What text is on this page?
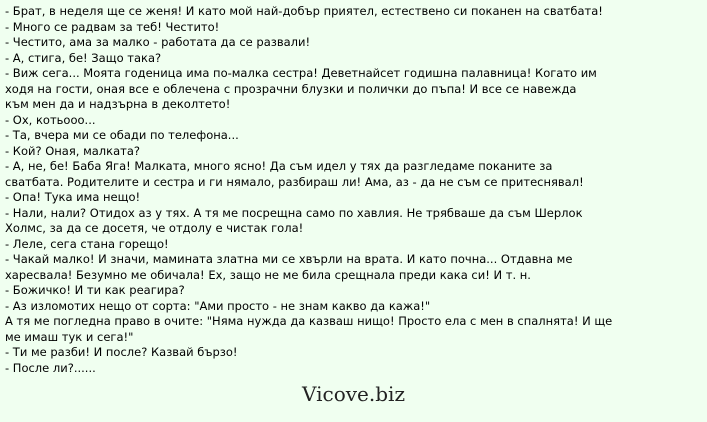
- Брат, в неделя ще се женя! И като мой най-добър приятел, естествено си поканен на сватбата!
- Много се радвам за теб! Честито!
- Честито, ама за малко - работата да се развали!
- А, стига, бе! Защо така?
- Виж сега... Моята годеница има по-малка сестра! Деветнайсет годишна палавница! Когато им
ходя на гости, оная все е облечена с прозрачни блузки и полички до пъпа! И все се навежда
към мен да и надзърна в деколтето!
- Ох, котьооо...
- Та, вчера ми се обади по телефона...
- Кой? Оная, малката?
- А, не, бе! Баба Яга! Малката, много ясно! Да съм идел у тях да разгледаме поканите за
сватбата. Родителите и сестра и ги нямало, разбираш ли! Ама, аз - да не съм се притеснявал!
- Опа! Тука има нещо!
- Нали, нали? Отидох аз у тях. А тя ме посрещна само по хавлия. Не трябваше да съм Шерлок
Холмс, за да се досетя, че отдолу е чистак гола!
- Леле, сега стана горещо!
- Чакай малко! И значи, мамината златна ми се хвърли на врата. И като почна... Отдавна ме
харесвала! Безумно ме обичала! Ех, защо не ме била срещнала преди кака си! И т. н.
- Божичко! И ти как реагира?
- Аз изломотих нещо от сорта: "Ами просто - не знам какво да кажа!"
А тя ме погледна право в очите: "Няма нужда да казваш нищо! Просто ела с мен в спалнята! И ще
ме имаш тук и сега!"
- Ти ме разби! И после? Казвай бързо!
- После ли?......
Vicove.biz
